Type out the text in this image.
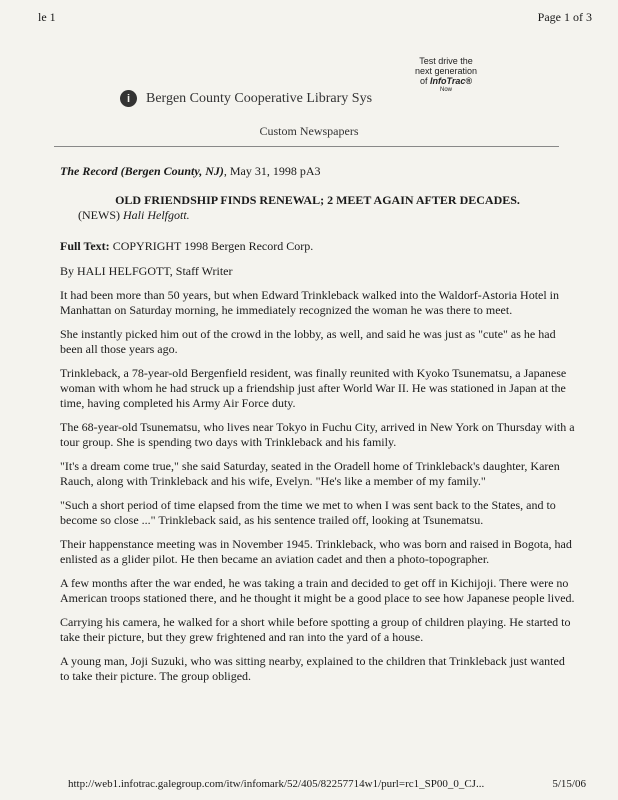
le 1	Page 1 of 3
Test drive the
next generation
of InfoTrac®
Now
i	Bergen County Cooperative Library Sys
Custom Newspapers

The Record (Bergen County, NJ), May 31, 1998 pA3

OLD FRIENDSHIP FINDS RENEWAL; 2 MEET AGAIN AFTER DECADES.

(NEWS) Hali Helfgott.

Full Text: COPYRIGHT 1998 Bergen Record Corp.

By HALI HELFGOTT, Staff Writer

It had been more than 50 years, but when Edward Trinkleback walked into the Waldorf-Astoria Hotel in Manhattan on Saturday morning, he immediately recognized the woman he was there to meet.

She instantly picked him out of the crowd in the lobby, as well, and said he was just as "cute" as he had been all those years ago.

Trinkleback, a 78-year-old Bergenfield resident, was finally reunited with Kyoko Tsunematsu, a Japanese woman with whom he had struck up a friendship just after World War II. He was stationed in Japan at the time, having completed his Army Air Force duty.

The 68-year-old Tsunematsu, who lives near Tokyo in Fuchu City, arrived in New York on Thursday with a tour group. She is spending two days with Trinkleback and his family.

"It's a dream come true," she said Saturday, seated in the Oradell home of Trinkleback's daughter, Karen Rauch, along with Trinkleback and his wife, Evelyn. "He's like a member of my family."

"Such a short period of time elapsed from the time we met to when I was sent back to the States, and to become so close ..." Trinkleback said, as his sentence trailed off, looking at Tsunematsu.

Their happenstance meeting was in November 1945. Trinkleback, who was born and raised in Bogota, had enlisted as a glider pilot. He then became an aviation cadet and then a photo-topographer.

A few months after the war ended, he was taking a train and decided to get off in Kichijoji. There were no American troops stationed there, and he thought it might be a good place to see how Japanese people lived.

Carrying his camera, he walked for a short while before spotting a group of children playing. He started to take their picture, but they grew frightened and ran into the yard of a house.

A young man, Joji Suzuki, who was sitting nearby, explained to the children that Trinkleback just wanted to take their picture. The group obliged.

http://web1.infotrac.galegroup.com/itw/infomark/52/405/82257714w1/purl=rc1_SP00_0_CJ...	5/15/06
